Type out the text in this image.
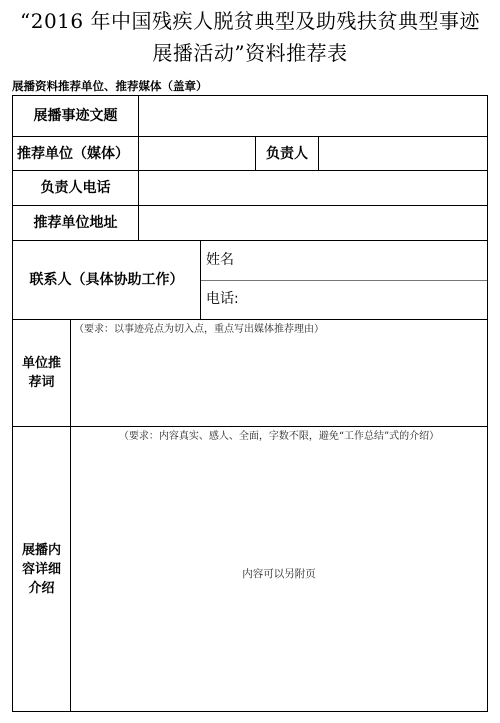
“2016 年中国残疾人脱贫典型及助残扶贫典型事迹
展播活动”资料推荐表
展播资料推荐单位、推荐媒体（盖章）
展播事迹文题
推荐单位（媒体）	负责人
负责人电话
推荐单位地址
联系人（具体协助工作）
姓名
电话:
单位推荐词
（要求：以事迹亮点为切入点，重点写出媒体推荐理由）
展播内容详细介绍
（要求：内容真实、感人、全面，字数不限，避免“工作总结”式的介绍）
内容可以另附页
